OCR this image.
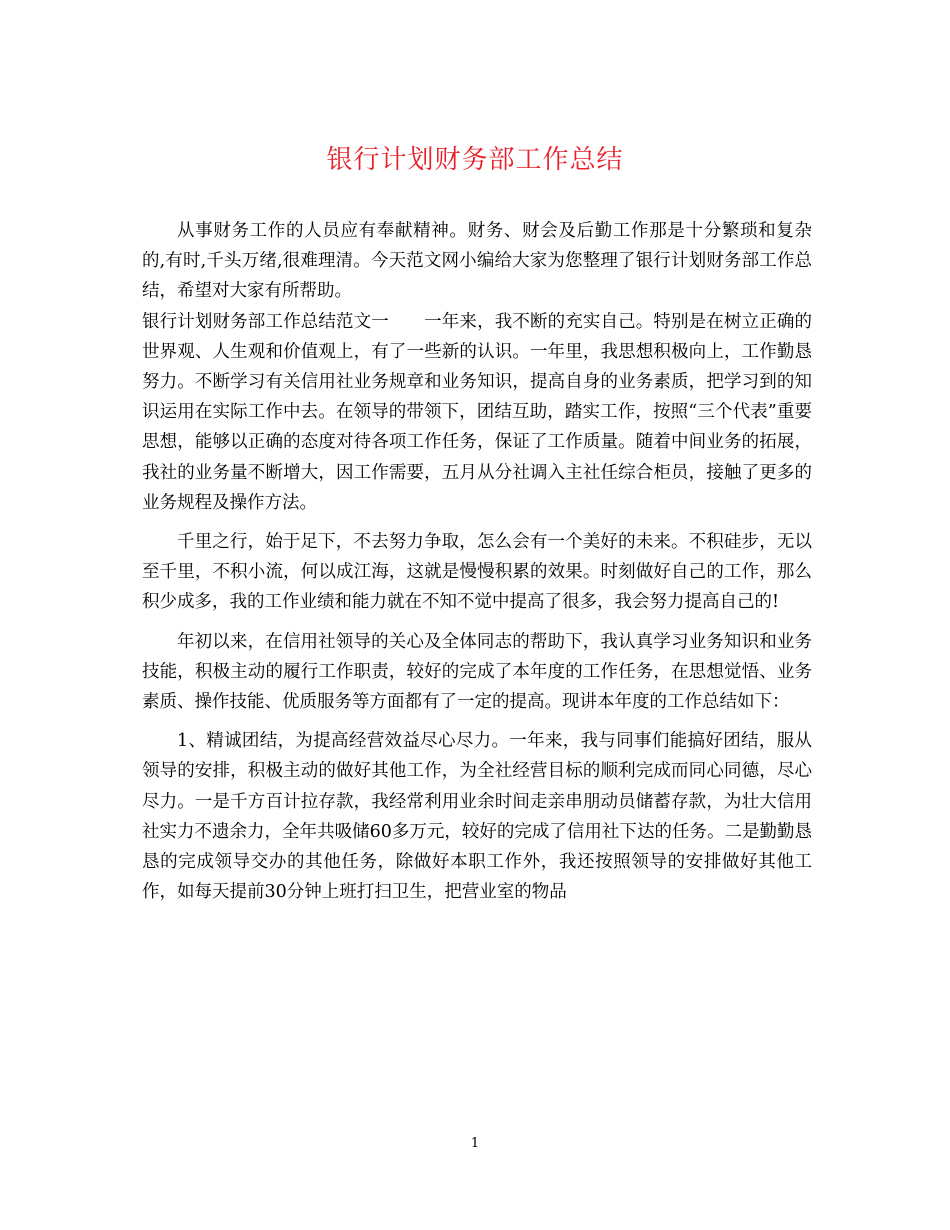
银行计划财务部工作总结

从事财务工作的人员应有奉献精神。财务、财会及后勤工作那是十分繁琐和复杂的,有时,千头万绪,很难理清。今天范文网小编给大家为您整理了银行计划财务部工作总结，希望对大家有所帮助。

银行计划财务部工作总结范文一　　一年来，我不断的充实自己。特别是在树立正确的世界观、人生观和价值观上，有了一些新的认识。一年里，我思想积极向上，工作勤恳努力。不断学习有关信用社业务规章和业务知识，提高自身的业务素质，把学习到的知识运用在实际工作中去。在领导的带领下，团结互助，踏实工作，按照“三个代表”重要思想，能够以正确的态度对待各项工作任务，保证了工作质量。随着中间业务的拓展，我社的业务量不断增大，因工作需要，五月从分社调入主社任综合柜员，接触了更多的业务规程及操作方法。

千里之行，始于足下，不去努力争取，怎么会有一个美好的未来。不积硅步，无以至千里，不积小流，何以成江海，这就是慢慢积累的效果。时刻做好自己的工作，那么积少成多，我的工作业绩和能力就在不知不觉中提高了很多，我会努力提高自己的!

年初以来，在信用社领导的关心及全体同志的帮助下，我认真学习业务知识和业务技能，积极主动的履行工作职责，较好的完成了本年度的工作任务，在思想觉悟、业务素质、操作技能、优质服务等方面都有了一定的提高。现讲本年度的工作总结如下：

1、精诚团结，为提高经营效益尽心尽力。一年来，我与同事们能搞好团结，服从领导的安排，积极主动的做好其他工作，为全社经营目标的顺利完成而同心同德，尽心尽力。一是千方百计拉存款，我经常利用业余时间走亲串朋动员储蓄存款，为壮大信用社实力不遗余力，全年共吸储60多万元，较好的完成了信用社下达的任务。二是勤勤恳恳的完成领导交办的其他任务，除做好本职工作外，我还按照领导的安排做好其他工作，如每天提前30分钟上班打扫卫生，把营业室的物品

1
